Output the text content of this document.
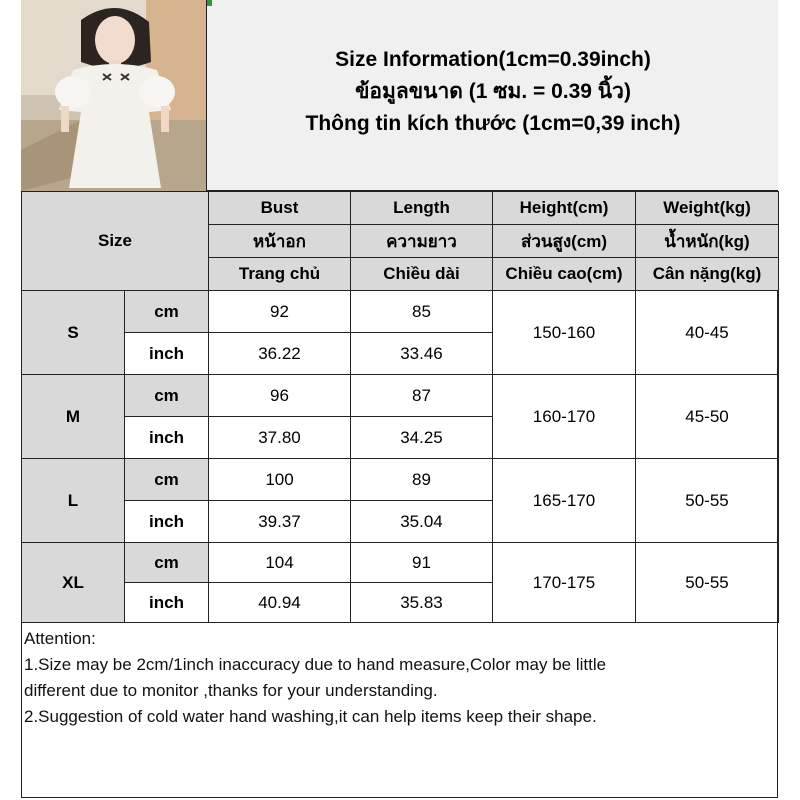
Size Information(1cm=0.39inch)
ข้อมูลขนาด (1 ซม. = 0.39 นิ้ว)
Thông tin kích thước (1cm=0,39 inch)
Size		Bust	Length	Height(cm)	Weight(kg)
		หน้าอก	ความยาว	ส่วนสูง(cm)	น้ำหนัก(kg)
		Trang chủ	Chiều dài	Chiều cao(cm)	Cân nặng(kg)
S	cm	92	85	150-160	40-45
	inch	36.22	33.46		
M	cm	96	87	160-170	45-50
	inch	37.80	34.25		
L	cm	100	89	165-170	50-55
	inch	39.37	35.04		
XL	cm	104	91	170-175	50-55
	inch	40.94	35.83		

Attention:

1.Size may be 2cm/1inch inaccuracy due to hand measure,Color may be little

different due to monitor ,thanks for your understanding.

2.Suggestion of cold water hand washing,it can help items keep their shape.
